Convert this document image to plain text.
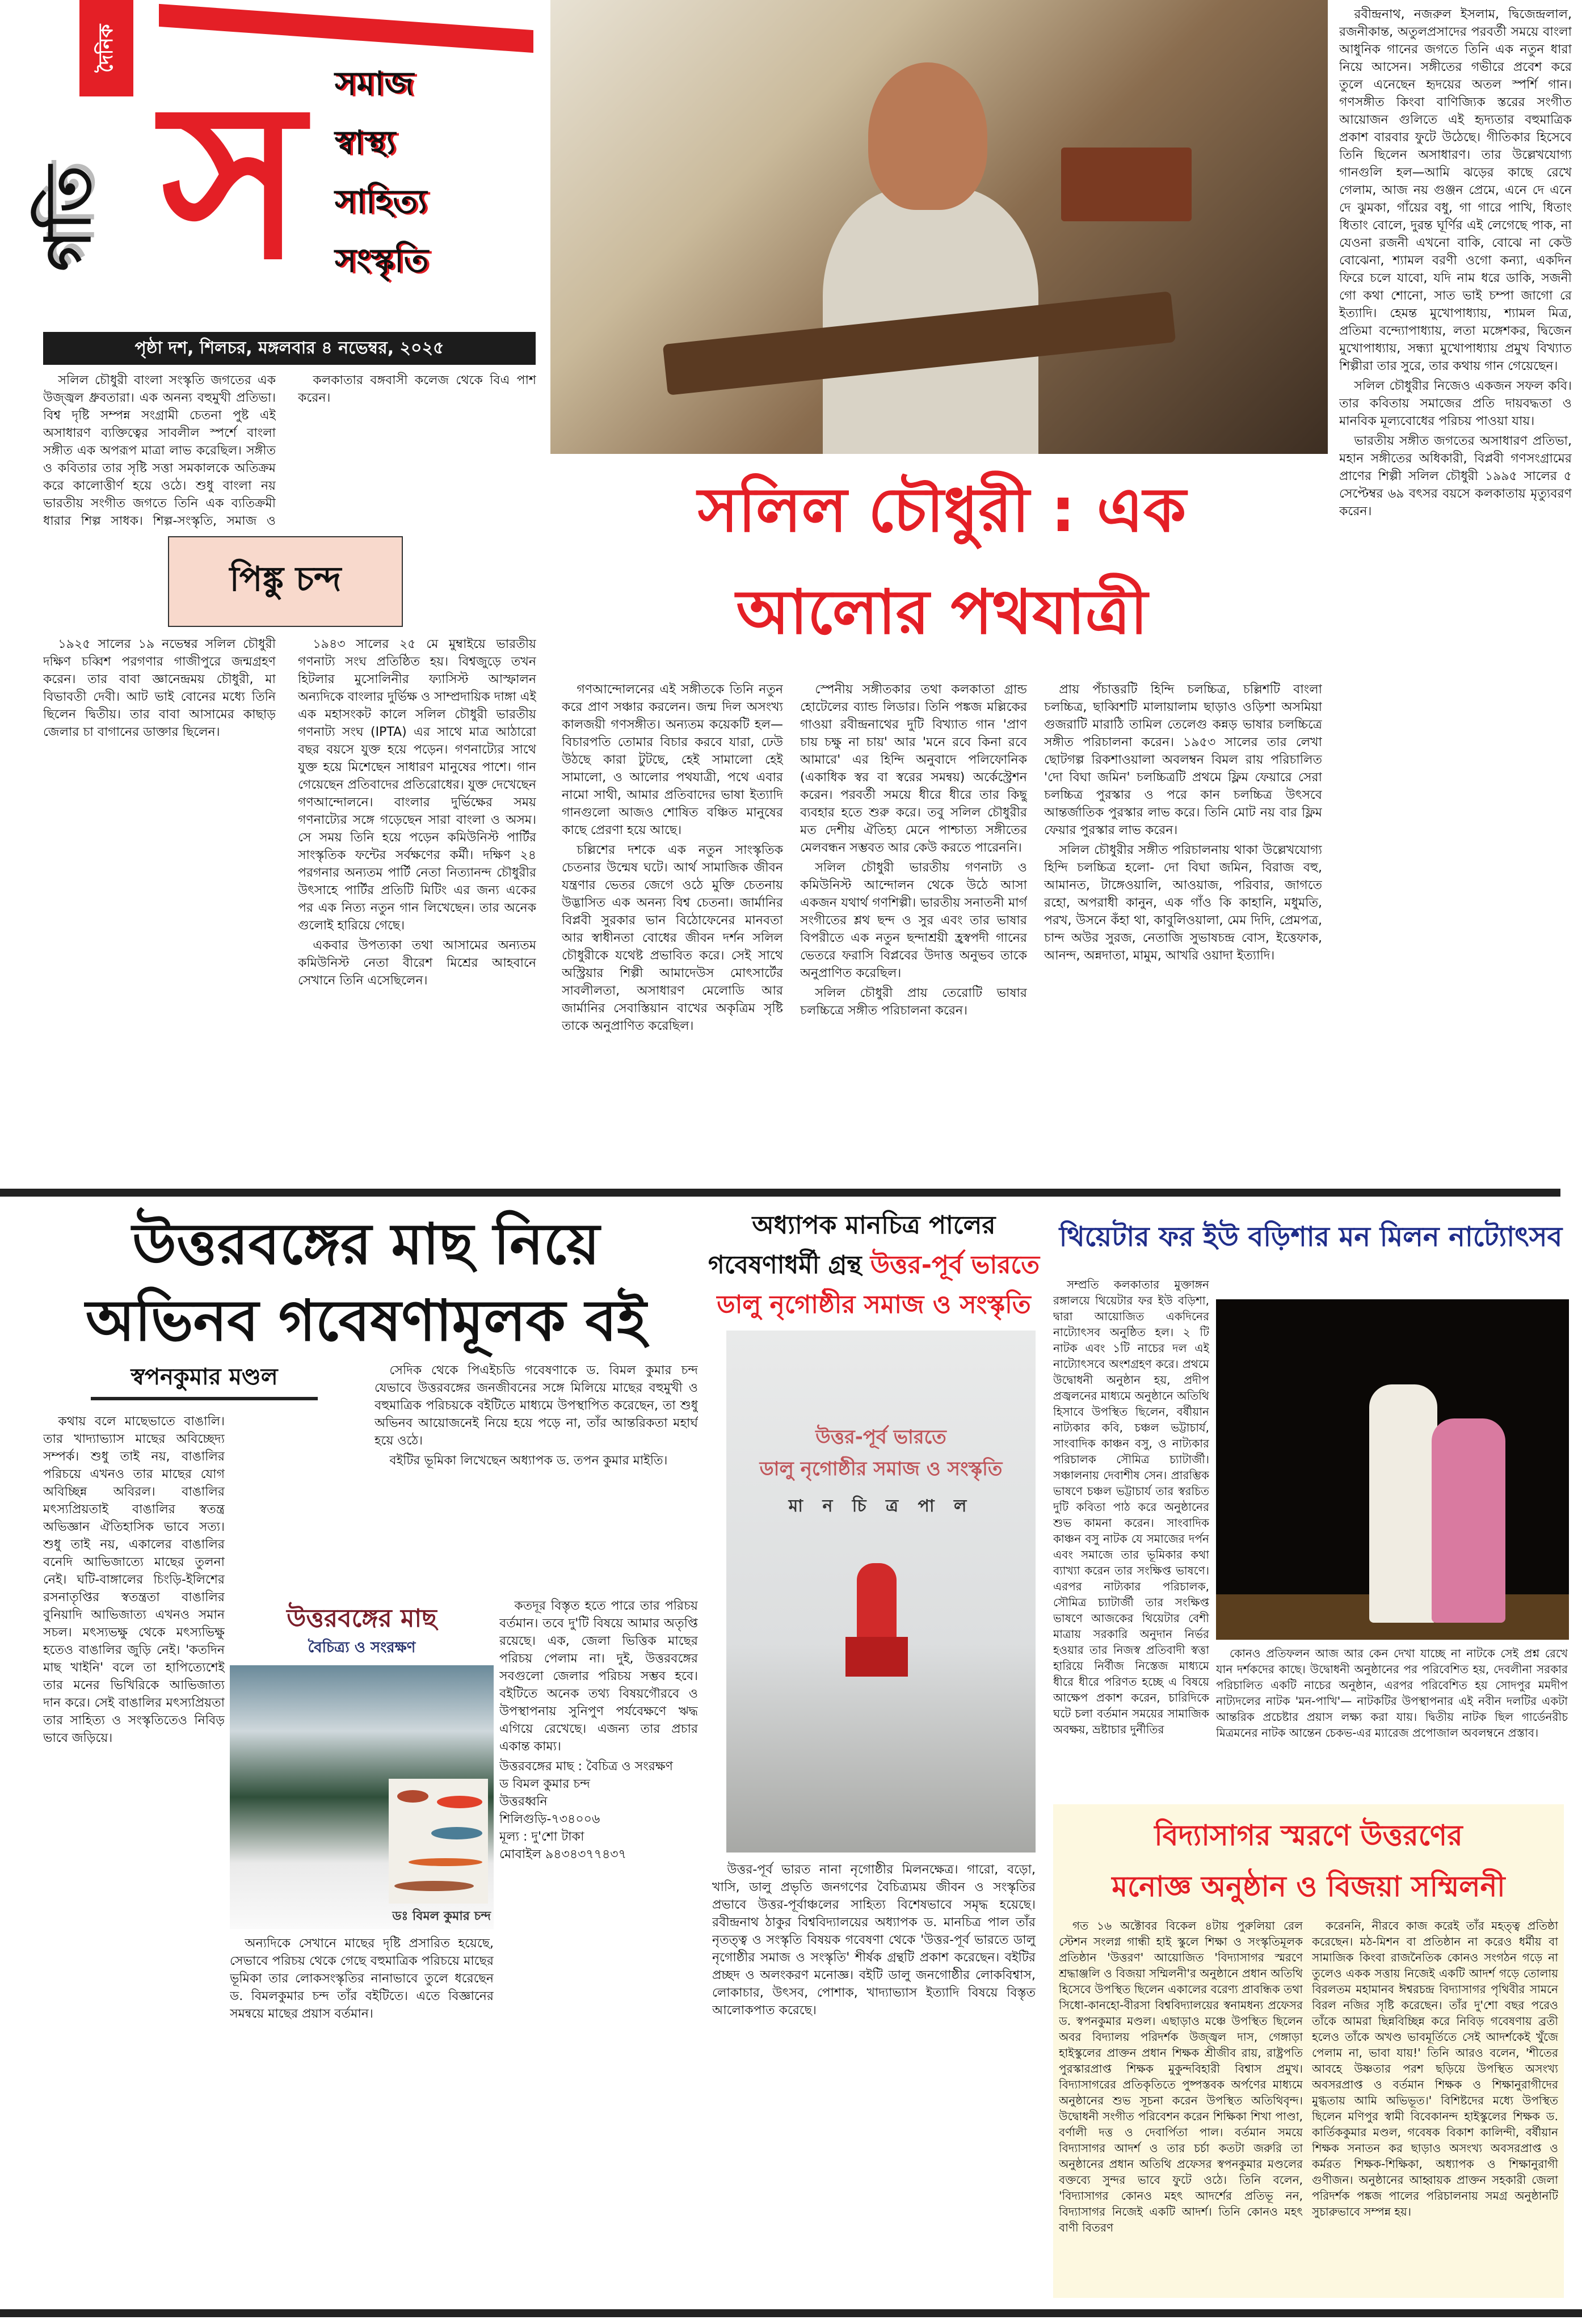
দৈনিক
গতি স সমাজ
স্বাস্থ্য
সাহিত্য
সংস্কৃতি
পৃষ্ঠা দশ, শিলচর, মঙ্গলবার ৪ নভেম্বর, ২০২৫
সলিল চৌধুরী : এক
আলোর পথযাত্রী

সলিল চৌধুরী বাংলা সংস্কৃতি জগতের এক উজ্জ্বল ধ্রুবতারা। এক অনন্য বহুমুখী প্রতিভা। বিশ্ব দৃষ্টি সম্পন্ন সংগ্রামী চেতনা পুষ্ট এই অসাধারণ ব্যক্তিত্বের সাবলীল স্পর্শে বাংলা সঙ্গীত এক অপরূপ মাত্রা লাভ করেছিল। সঙ্গীত ও কবিতার তার সৃষ্টি সত্তা সমকালকে অতিক্রম করে কালোত্তীর্ণ হয়ে ওঠে। শুধু বাংলা নয় ভারতীয় সংগীত জগতে তিনি এক ব্যতিক্রমী ধারার শিল্প সাধক। শিল্প-সংস্কৃতি, সমাজ ও

পিঙ্কু চন্দ

১৯২৫ সালের ১৯ নভেম্বর সলিল চৌধুরী দক্ষিণ চব্বিশ পরগণার গাজীপুরে জন্মগ্রহণ করেন। তার বাবা জ্ঞানেন্দ্রময় চৌধুরী, মা বিভাবতী দেবী। আট ভাই বোনের মধ্যে তিনি ছিলেন দ্বিতীয়। তার বাবা আসামের কাছাড় জেলার চা বাগানের ডাক্তার ছিলেন।

কলকাতার বঙ্গবাসী কলেজ থেকে বিএ পাশ করেন।

১৯৪৩ সালের ২৫ মে মুম্বাইয়ে ভারতীয় গণনাট্য সংঘ প্রতিষ্ঠিত হয়। বিশ্বজুড়ে তখন হিটলার মুসোলিনীর ফ্যাসিস্ট আস্ফালন অন্যদিকে বাংলার দুর্ভিক্ষ ও সাম্প্রদায়িক দাঙ্গা এই এক মহাসংকট কালে সলিল চৌধুরী ভারতীয় গণনাট্য সংঘ (IPTA) এর সাথে মাত্র আঠারো বছর বয়সে যুক্ত হয়ে পড়েন। গণনাট্যের সাথে যুক্ত হয়ে মিশেছেন সাধারণ মানুষের পাশে। গান গেয়েছেন প্রতিবাদের প্রতিরোধের। যুক্ত দেখেছেন গণআন্দোলনে। বাংলার দুর্ভিক্ষের সময় গণনাট্যের সঙ্গে গড়েছেন সারা বাংলা ও অসম। সে সময় তিনি হয়ে পড়েন কমিউনিস্ট পার্টির সাংস্কৃতিক ফন্টের সর্বক্ষণের কর্মী। দক্ষিণ ২৪ পরগনার অন্যতম পার্টি নেতা নিত্যানন্দ চৌধুরীর উৎসাহে পার্টির প্রতিটি মিটিং এর জন্য একের পর এক নিত্য নতুন গান লিখেছেন। তার অনেক গুলোই হারিয়ে গেছে।

একবার উপত্যকা তথা আসামের অন্যতম কমিউনিস্ট নেতা বীরেশ মিশ্রের আহবানে সেখানে তিনি এসেছিলেন।

গণআন্দোলনের এই সঙ্গীতকে তিনি নতুন করে প্রাণ সঞ্চার করলেন। জন্ম দিল অসংখ্য কালজয়ী গণসঙ্গীত। অন্যতম কয়েকটি হল— বিচারপতি তোমার বিচার করবে যারা, ঢেউ উঠছে কারা টুটছে, হেই সামালো হেই সামালো, ও আলোর পথযাত্রী, পথে এবার নামো সাথী, আমার প্রতিবাদের ভাষা ইত্যাদি গানগুলো আজও শোষিত বঞ্চিত মানুষের কাছে প্রেরণা হয়ে আছে।

চল্লিশের দশকে এক নতুন সাংস্কৃতিক চেতনার উন্মেষ ঘটে। আর্থ সামাজিক জীবন যন্ত্রণার ভেতর জেগে ওঠে মুক্তি চেতনায় উদ্ভাসিত এক অনন্য বিশ্ব চেতনা। জার্মানির বিপ্লবী সুরকার ভান বিঠোফেনের মানবতা আর স্বাধীনতা বোধের জীবন দর্শন সলিল চৌধুরীকে যথেষ্ট প্রভাবিত করে। সেই সাথে অস্ট্রিয়ার শিল্পী আমাদেউস মোৎসার্টের সাবলীলতা, অসাধারণ মেলোডি আর জার্মানির সেবাস্তিয়ান বাখের অকৃত্রিম সৃষ্টি তাকে অনুপ্রাণিত করেছিল।

স্পেনীয় সঙ্গীতকার তথা কলকাতা গ্রান্ড হোটেলের ব্যান্ড লিডার। তিনি পঙ্কজ মল্লিকের গাওয়া রবীন্দ্রনাথের দুটি বিখ্যাত গান 'প্রাণ চায় চক্ষু না চায়' আর 'মনে রবে কিনা রবে আমারে' এর হিন্দি অনুবাদে পলিফোনিক (একাধিক স্বর বা স্বরের সমন্বয়) অর্কেস্ট্রেশন করেন। পরবর্তী সময়ে ধীরে ধীরে তার কিছু ব্যবহার হতে শুরু করে। তবু সলিল চৌধুরীর মত দেশীয় ঐতিহ্য মেনে পাশ্চাত্য সঙ্গীতের মেলবন্ধন সম্ভবত আর কেউ করতে পারেননি।

সলিল চৌধুরী ভারতীয় গণনাট্য ও কমিউনিস্ট আন্দোলন থেকে উঠে আসা একজন যথার্থ গণশিল্পী। ভারতীয় সনাতনী মার্গ সংগীতের শ্লথ ছন্দ ও সুর এবং তার ভাষার বিপরীতে এক নতুন ছন্দাশ্রয়ী হ্রস্বপদী গানের ভেতরে ফরাসি বিপ্লবের উদাত্ত অনুভব তাকে অনুপ্রাণিত করেছিল।

সলিল চৌধুরী প্রায় তেরোটি ভাষার চলচ্চিত্রে সঙ্গীত পরিচালনা করেন।

প্রায় পঁচাত্তরটি হিন্দি চলচ্চিত্র, চল্লিশটি বাংলা চলচ্চিত্র, ছাব্বিশটি মালায়ালাম ছাড়াও ওড়িশা অসমিয়া গুজরাটি মারাঠি তামিল তেলেগু কন্নড় ভাষার চলচ্চিত্রে সঙ্গীত পরিচালনা করেন। ১৯৫৩ সালের তার লেখা ছোটগল্প রিকশাওয়ালা অবলম্বন বিমল রায় পরিচালিত 'দো বিঘা জমিন' চলচ্চিত্রটি প্রথমে ফ্লিম ফেয়ারে সেরা চলচ্চিত্র পুরস্কার ও পরে কান চলচ্চিত্র উৎসবে আন্তর্জাতিক পুরস্কার লাভ করে। তিনি মোট নয় বার ফ্লিম ফেয়ার পুরস্কার লাভ করেন।

সলিল চৌধুরীর সঙ্গীত পরিচালনায় থাকা উল্লেখযোগ্য হিন্দি চলচ্চিত্র হলো- দো বিঘা জমিন, বিরাজ বহু, আমানত, টাঙ্গেওয়ালি, আওয়াজ, পরিবার, জাগতে রহো, অপরাধী কানুন, এক গাঁও কি কাহানি, মধুমতি, পরখ, উসনে কঁহা থা, কাবুলিওয়ালা, মেম দিদি, প্রেমপত্র, চান্দ অউর সুরজ, নেতাজি সুভাষচন্দ্র বোস, ইত্তেফাক, আনন্দ, অন্নদাতা, মামুম, আখরি ওয়াদা ইত্যাদি।

রবীন্দ্রনাথ, নজরুল ইসলাম, দ্বিজেন্দ্রলাল, রজনীকান্ত, অতুলপ্রসাদের পরবর্তী সময়ে বাংলা আধুনিক গানের জগতে তিনি এক নতুন ধারা নিয়ে আসেন। সঙ্গীতের গভীরে প্রবেশ করে তুলে এনেছেন হৃদয়ের অতল স্পর্শি গান। গণসঙ্গীত কিংবা বাণিজ্যিক স্তরের সংগীত আয়োজন গুলিতে এই হৃদ্যতার বহুমাত্রিক প্রকাশ বারবার ফুটে উঠেছে। গীতিকার হিসেবে তিনি ছিলেন অসাধারণ। তার উল্লেখযোগ্য গানগুলি হল—আমি ঝড়ের কাছে রেখে গেলাম, আজ নয় গুঞ্জন প্রেমে, এনে দে এনে দে ঝুমকা, গাঁয়ের বধু, গা গারে পাখি, ধিতাং ধিতাং বোলে, দুরন্ত ঘূর্ণির এই লেগেছে পাক, না যেওনা রজনী এখনো বাকি, বোঝে না কেউ বোঝেনা, শ্যামল বরণী ওগো কন্যা, একদিন ফিরে চলে যাবো, যদি নাম ধরে ডাকি, সজনী গো কথা শোনো, সাত ভাই চম্পা জাগো রে ইত্যাদি। হেমন্ত মুখোপাধ্যায়, শ্যামল মিত্র, প্রতিমা বন্দ্যোপাধ্যায়, লতা মঙ্গেশকর, দ্বিজেন মুখোপাধ্যায়, সন্ধ্যা মুখোপাধ্যায় প্রমুখ বিখ্যাত শিল্পীরা তার সুরে, তার কথায় গান গেয়েছেন।

সলিল চৌধুরীর নিজেও একজন সফল কবি। তার কবিতায় সমাজের প্রতি দায়বদ্ধতা ও মানবিক মূল্যবোধের পরিচয় পাওয়া যায়।

ভারতীয় সঙ্গীত জগতের অসাধারণ প্রতিভা, মহান সঙ্গীতের অধিকারী, বিপ্লবী গণসংগ্রামের প্রাণের শিল্পী সলিল চৌধুরী ১৯৯৫ সালের ৫ সেপ্টেম্বর ৬৯ বৎসর বয়সে কলকাতায় মৃত্যুবরণ করেন।

উত্তরবঙ্গের মাছ নিয়ে
অভিনব গবেষণামূলক বই
স্বপনকুমার মণ্ডল

কথায় বলে মাছেভাতে বাঙালি। তার খাদ্যাভ্যাস মাছের অবিচ্ছেদ্য সম্পর্ক। শুধু তাই নয়, বাঙালির পরিচয়ে এখনও তার মাছের যোগ অবিচ্ছিন্ন অবিরল। বাঙালির মৎস্যপ্রিয়তাই বাঙালির স্বতন্ত্র অভিজ্ঞান ঐতিহাসিক ভাবে সত্য। শুধু তাই নয়, একালের বাঙালির বনেদি আভিজাত্যে মাছের তুলনা নেই। ঘটি-বাঙ্গালের চিংড়ি-ইলিশের রসনাতৃপ্তির স্বতন্ত্রতা বাঙালির বুনিয়াদি আভিজাত্য এখনও সমান সচল। মৎস্যভক্ষু থেকে মৎস্যভিক্ষু হতেও বাঙালির জুড়ি নেই। 'কতদিন মাছ খাইনি' বলে তা হাপিত্যেশেই তার মনের ভিখিরিকে আভিজাত্য দান করে। সেই বাঙালির মৎস্যপ্রিয়তা তার সাহিত্য ও সংস্কৃতিতেও নিবিড় ভাবে জড়িয়ে।

সেদিক থেকে পিএইচডি গবেষণাকে ড. বিমল কুমার চন্দ যেভাবে উত্তরবঙ্গের জনজীবনের সঙ্গে মিলিয়ে মাছের বহুমুখী ও বহুমাত্রিক পরিচয়কে বইটিতে মাধ্যমে উপস্থাপিত করেছেন, তা শুধু অভিনব আয়োজনেই নিয়ে হয়ে পড়ে না, তাঁর আন্তরিকতা মহার্ঘ হয়ে ওঠে।

বইটির ভূমিকা লিখেছেন অধ্যাপক ড. তপন কুমার মাইতি।

উত্তরবঙ্গের মাছ
বৈচিত্র্য ও সংরক্ষণ
ডঃ বিমল কুমার চন্দ

অন্যদিকে সেখানে মাছের দৃষ্টি প্রসারিত হয়েছে, সেভাবে পরিচয় থেকে গেছে বহুমাত্রিক পরিচয়ে মাছের ভূমিকা তার লোকসংস্কৃতির নানাভাবে তুলে ধরেছেন ড. বিমলকুমার চন্দ তাঁর বইটিতে। এতে বিজ্ঞানের সমন্বয়ে মাছের প্রয়াস বর্তমান।

কতদূর বিস্তৃত হতে পারে তার পরিচয় বর্তমান। তবে দু'টি বিষয়ে আমার অতৃপ্তি রয়েছে। এক, জেলা ভিত্তিক মাছের পরিচয় পেলাম না। দুই, উত্তরবঙ্গের সবগুলো জেলার পরিচয় সম্ভব হবে। বইটিতে অনেক তথ্য বিষয়গৌরবে ও উপস্থাপনায় সুনিপুণ পর্যবেক্ষণে ঋদ্ধ এগিয়ে রেখেছে। এজন্য তার প্রচার একান্ত কাম্য।

উত্তরবঙ্গের মাছ : বৈচিত্র ও সংরক্ষণ
ড বিমল কুমার চন্দ
উত্তরধ্বনি
শিলিগুড়ি-৭৩৪০০৬
মূল্য : দু'শো টাকা
মোবাইল ৯৪৩৪৩৭৭৪৩৭
অধ্যাপক মানচিত্র পালের
গবেষণাধর্মী গ্রন্থ উত্তর-পূর্ব ভারতে
ডালু নৃগোষ্ঠীর সমাজ ও সংস্কৃতি
উত্তর-পূর্ব ভারতে
ডালু নৃগোষ্ঠীর সমাজ ও সংস্কৃতি
মা ন চি ত্র পা ল

উত্তর-পূর্ব ভারত নানা নৃগোষ্ঠীর মিলনক্ষেত্র। গারো, বড়ো, খাসি, ডালু প্রভৃতি জনগণের বৈচিত্র্যময় জীবন ও সংস্কৃতির প্রভাবে উত্তর-পূর্বাঞ্চলের সাহিত্য বিশেষভাবে সমৃদ্ধ হয়েছে। রবীন্দ্রনাথ ঠাকুর বিশ্ববিদ্যালয়ের অধ্যাপক ড. মানচিত্র পাল তাঁর নৃতত্ত্ব ও সংস্কৃতি বিষয়ক গবেষণা থেকে 'উত্তর-পূর্ব ভারতে ডালু নৃগোষ্ঠীর সমাজ ও সংস্কৃতি' শীর্ষক গ্রন্থটি প্রকাশ করেছেন। বইটির প্রচ্ছদ ও অলংকরণ মনোজ্ঞ। বইটি ডালু জনগোষ্ঠীর লোকবিশ্বাস, লোকাচার, উৎসব, পোশাক, খাদ্যাভ্যাস ইত্যাদি বিষয়ে বিস্তৃত আলোকপাত করেছে।

থিয়েটার ফর ইউ বড়িশার মন মিলন নাট্যোৎসব

সম্প্রতি কলকাতার মুক্তাঙ্গন রঙ্গালয়ে থিয়েটার ফর ইউ বড়িশা, দ্বারা আয়োজিত একদিনের নাট্যোৎসব অনুষ্ঠিত হল। ২ টি নাটক এবং ১টি নাচের দল এই নাট্যোৎসবে অংশগ্রহণ করে। প্রথমে উদ্বোধনী অনুষ্ঠান হয়, প্রদীপ প্রজ্বলনের মাধ্যমে অনুষ্ঠানে অতিথি হিসাবে উপস্থিত ছিলেন, বর্ষীয়ান নাট্যকার কবি, চঞ্চল ভট্টাচার্য, সাংবাদিক কাঞ্চন বসু, ও নাট্যকার পরিচালক সৌমিত্র চ্যাটার্জী। সঞ্চালনায় দেবাশীষ সেন। প্রারম্ভিক ভাষণে চঞ্চল ভট্টাচার্য তার স্বরচিত দুটি কবিতা পাঠ করে অনুষ্ঠানের শুভ কামনা করেন। সাংবাদিক কাঞ্চন বসু নাটক যে সমাজের দর্পন এবং সমাজে তার ভূমিকার কথা ব্যাখ্যা করেন তার সংক্ষিপ্ত ভাষণে। এরপর নাট্যকার পরিচালক, সৌমিত্র চ্যাটার্জী তার সংক্ষিপ্ত ভাষণে আজকের থিয়েটার বেশী মাত্রায় সরকারি অনুদান নির্ভর হওয়ার তার নিজস্ব প্রতিবাদী স্বত্তা হারিয়ে নির্বীজ নিস্তেজ মাধ্যমে ধীরে ধীরে পরিণত হচ্ছে এ বিষয়ে আক্ষেপ প্রকাশ করেন, চারিদিকে ঘটে চলা বর্তমান সময়ের সামাজিক অবক্ষয়, ভ্রষ্টাচার দুর্নীতির

কোনও প্রতিফলন আজ আর কেন দেখা যাচ্ছে না নাটকে সেই প্রশ্ন রেখে যান দর্শকদের কাছে। উদ্বোধনী অনুষ্ঠানের পর পরিবেশিত হয়, দেবলীনা সরকার পরিচালিত একটি নাচের অনুষ্ঠান, এরপর পরিবেশিত হয় সোদপুর মমদীপ নাট্যদলের নাটক 'মন-পাখি'— নাটকটির উপস্থাপনার এই নবীন দলটির একটা আন্তরিক প্রচেষ্টার প্রয়াস লক্ষ্য করা যায়। দ্বিতীয় নাটক ছিল গার্ডেনরীচ মিত্রমনের নাটক আন্তেন চেকভ-এর ম্যারেজ প্রপোজাল অবলম্বনে প্রস্তাব।

বিদ্যাসাগর স্মরণে উত্তরণের
মনোজ্ঞ অনুষ্ঠান ও বিজয়া সম্মিলনী

গত ১৬ অক্টোবর বিকেল ৪টায় পুরুলিয়া রেল স্টেশন সংলগ্ন গান্ধী হাই স্কুলে শিক্ষা ও সংস্কৃতিমূলক প্রতিষ্ঠান 'উত্তরণ' আয়োজিত 'বিদ্যাসাগর স্মরণে শ্রদ্ধাঞ্জলি ও বিজয়া সম্মিলনী'র অনুষ্ঠানে প্রধান অতিথি হিসেবে উপস্থিত ছিলেন একালের বরেণ্য প্রাবন্ধিক তথা সিধো-কানহো-বীরসা বিশ্ববিদ্যালয়ের স্বনামধন্য প্রফেসর ড. স্বপনকুমার মণ্ডল। এছাড়াও মঞ্চে উপস্থিত ছিলেন অবর বিদ্যালয় পরিদর্শক উজ্জ্বল দাস, গেঙ্গাড়া হাইস্কুলের প্রাক্তন প্রধান শিক্ষক শ্রীজীব রায়, রাষ্ট্রপতি পুরস্কারপ্রাপ্ত শিক্ষক মুকুন্দবিহারী বিশ্বাস প্রমুখ। বিদ্যাসাগরের প্রতিকৃতিতে পুষ্পস্তবক অর্পণের মাধ্যমে অনুষ্ঠানের শুভ সূচনা করেন উপস্থিত অতিথিবৃন্দ। উদ্বোধনী সংগীত পরিবেশন করেন শিক্ষিকা শিখা পাণ্ডা, বর্ণালী দত্ত ও দেবার্পিতা পাল। বর্তমান সময়ে বিদ্যাসাগর আদর্শ ও তার চর্চা কতটা জরুরি তা অনুষ্ঠানের প্রধান অতিথি প্রফেসর স্বপনকুমার মণ্ডলের বক্তব্যে সুন্দর ভাবে ফুটে ওঠে। তিনি বলেন, 'বিদ্যাসাগর কোনও মহৎ আদর্শের প্রতিভূ নন, বিদ্যাসাগর নিজেই একটি আদর্শ। তিনি কোনও মহৎ বাণী বিতরণ

করেননি, নীরবে কাজ করেই তাঁর মহত্ত্ব প্রতিষ্ঠা করেছেন। মঠ-মিশন বা প্রতিষ্ঠান না করেও ধর্মীয় বা সামাজিক কিংবা রাজনৈতিক কোনও সংগঠন গড়ে না তুলেও একক সত্তায় নিজেই একটি আদর্শ গড়ে তোলায় বিরলতম মহামানব ঈশ্বরচন্দ্র বিদ্যাসাগর পৃথিবীর সামনে বিরল নজির সৃষ্টি করেছেন। তাঁর দু'শো বছর পরেও তাঁকে আমরা ছিন্নবিচ্ছিন্ন করে নিবিড় গবেষণায় ব্রতী হলেও তাঁকে অখণ্ড ভাবমূর্তিতে সেই আদর্শকেই খুঁজে পেলাম না, ভাবা যায়!' তিনি আরও বলেন, 'শীতের আবহে উষ্ণতার পরশ ছড়িয়ে উপস্থিত অসংখ্য অবসরপ্রাপ্ত ও বর্তমান শিক্ষক ও শিক্ষানুরাগীদের মুগ্ধতায় আমি অভিভূত।' বিশিষ্টদের মধ্যে উপস্থিত ছিলেন মণিপুর স্বামী বিবেকানন্দ হাইস্কুলের শিক্ষক ড. কার্তিককুমার মণ্ডল, গবেষক বিকাশ কালিন্দী, বর্ষীয়ান শিক্ষক সনাতন কর ছাড়াও অসংখ্য অবসরপ্রাপ্ত ও কর্মরত শিক্ষক-শিক্ষিকা, অধ্যাপক ও শিক্ষানুরাগী গুণীজন। অনুষ্ঠানের আহ্বায়ক প্রাক্তন সহকারী জেলা পরিদর্শক পঙ্কজ পালের পরিচালনায় সমগ্র অনুষ্ঠানটি সুচারুভাবে সম্পন্ন হয়।
